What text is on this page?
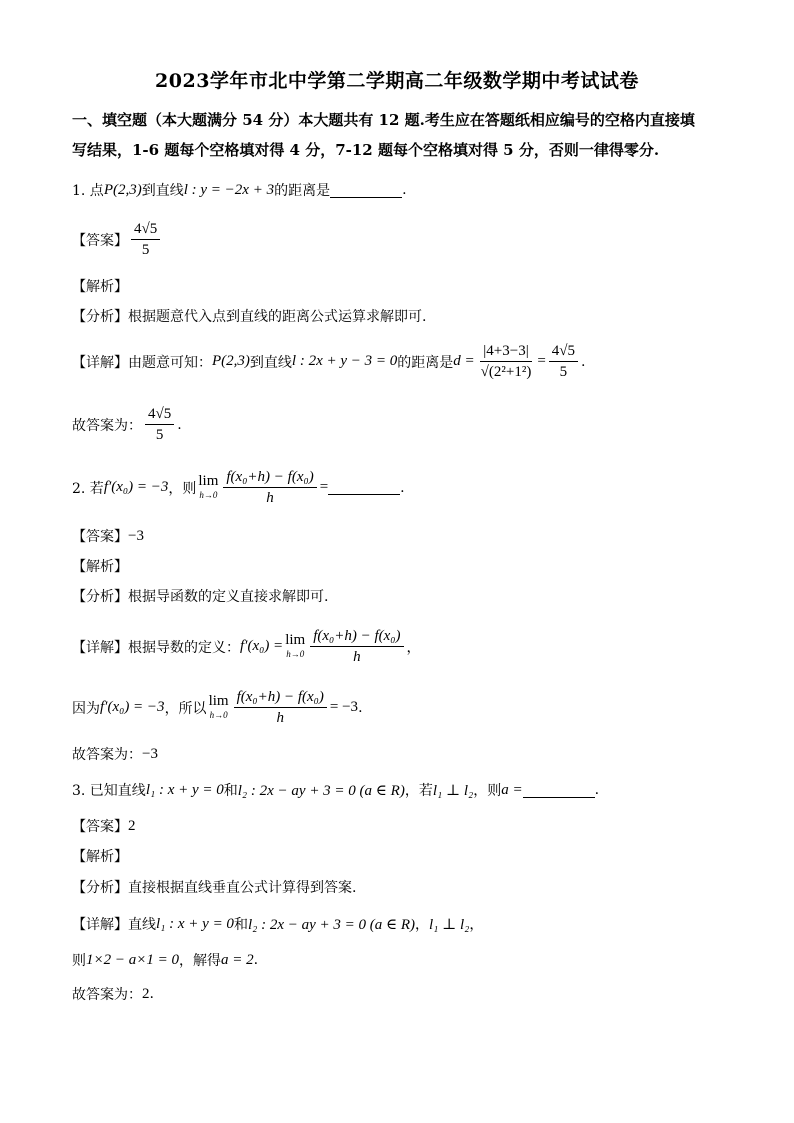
2023学年市北中学第二学期高二年级数学期中考试试卷
一、填空题（本大题满分 54 分）本大题共有 12 题.考生应在答题纸相应编号的空格内直接填
写结果，1-6 题每个空格填对得 4 分，7-12 题每个空格填对得 5 分，否则一律得零分.
1. 点 P(2,3) 到直线 l : y = −2x + 3 的距离是	.
【答案】 $\frac{4√5}{5}$
【解析】
【分析】 根据题意代入点到直线的距离公式运算求解即可.
【详解】 由题意可知： P(2,3) 到直线 l : 2x + y − 3 = 0 的距离是 $d = \frac{|4+3-3|}{\text{√(2²+1²)}} = \frac{4√5}{5}$ .
故答案为： $\frac{4√5}{5}$ .
2. 若 f′(x₀) = −3 ，则 lim
$h\to 0 \frac{\text{f(x₀+h) − f(x₀)}}{h}$ =	.
【答案】 −3
【解析】
【分析】 根据导函数的定义直接求解即可.
【详解】 根据导数的定义： f′(x₀) = lim
$h\to 0 \frac{\text{f(x₀+h) − f(x₀)}}{h}$ ，
因为 f′(x₀) = −3 ，所以 lim
$h\to 0 \frac{\text{f(x₀+h) − f(x₀)}}{h} = -3$ .
故答案为： −3
3. 已知直线 l₁ : x + y = 0 和 l₂ : 2x − ay + 3 = 0 (a ∈ R) ，若 l₁ ⊥ l₂ ，则 a =	.
【答案】 2
【解析】
【分析】 直接根据直线垂直公式计算得到答案.
【详解】 直线 l₁ : x + y = 0 和 l₂ : 2x − ay + 3 = 0 (a ∈ R) ， l₁ ⊥ l₂ ，
则 1×2 − a×1 = 0 ，解得 a = 2 .
故答案为： 2 .
